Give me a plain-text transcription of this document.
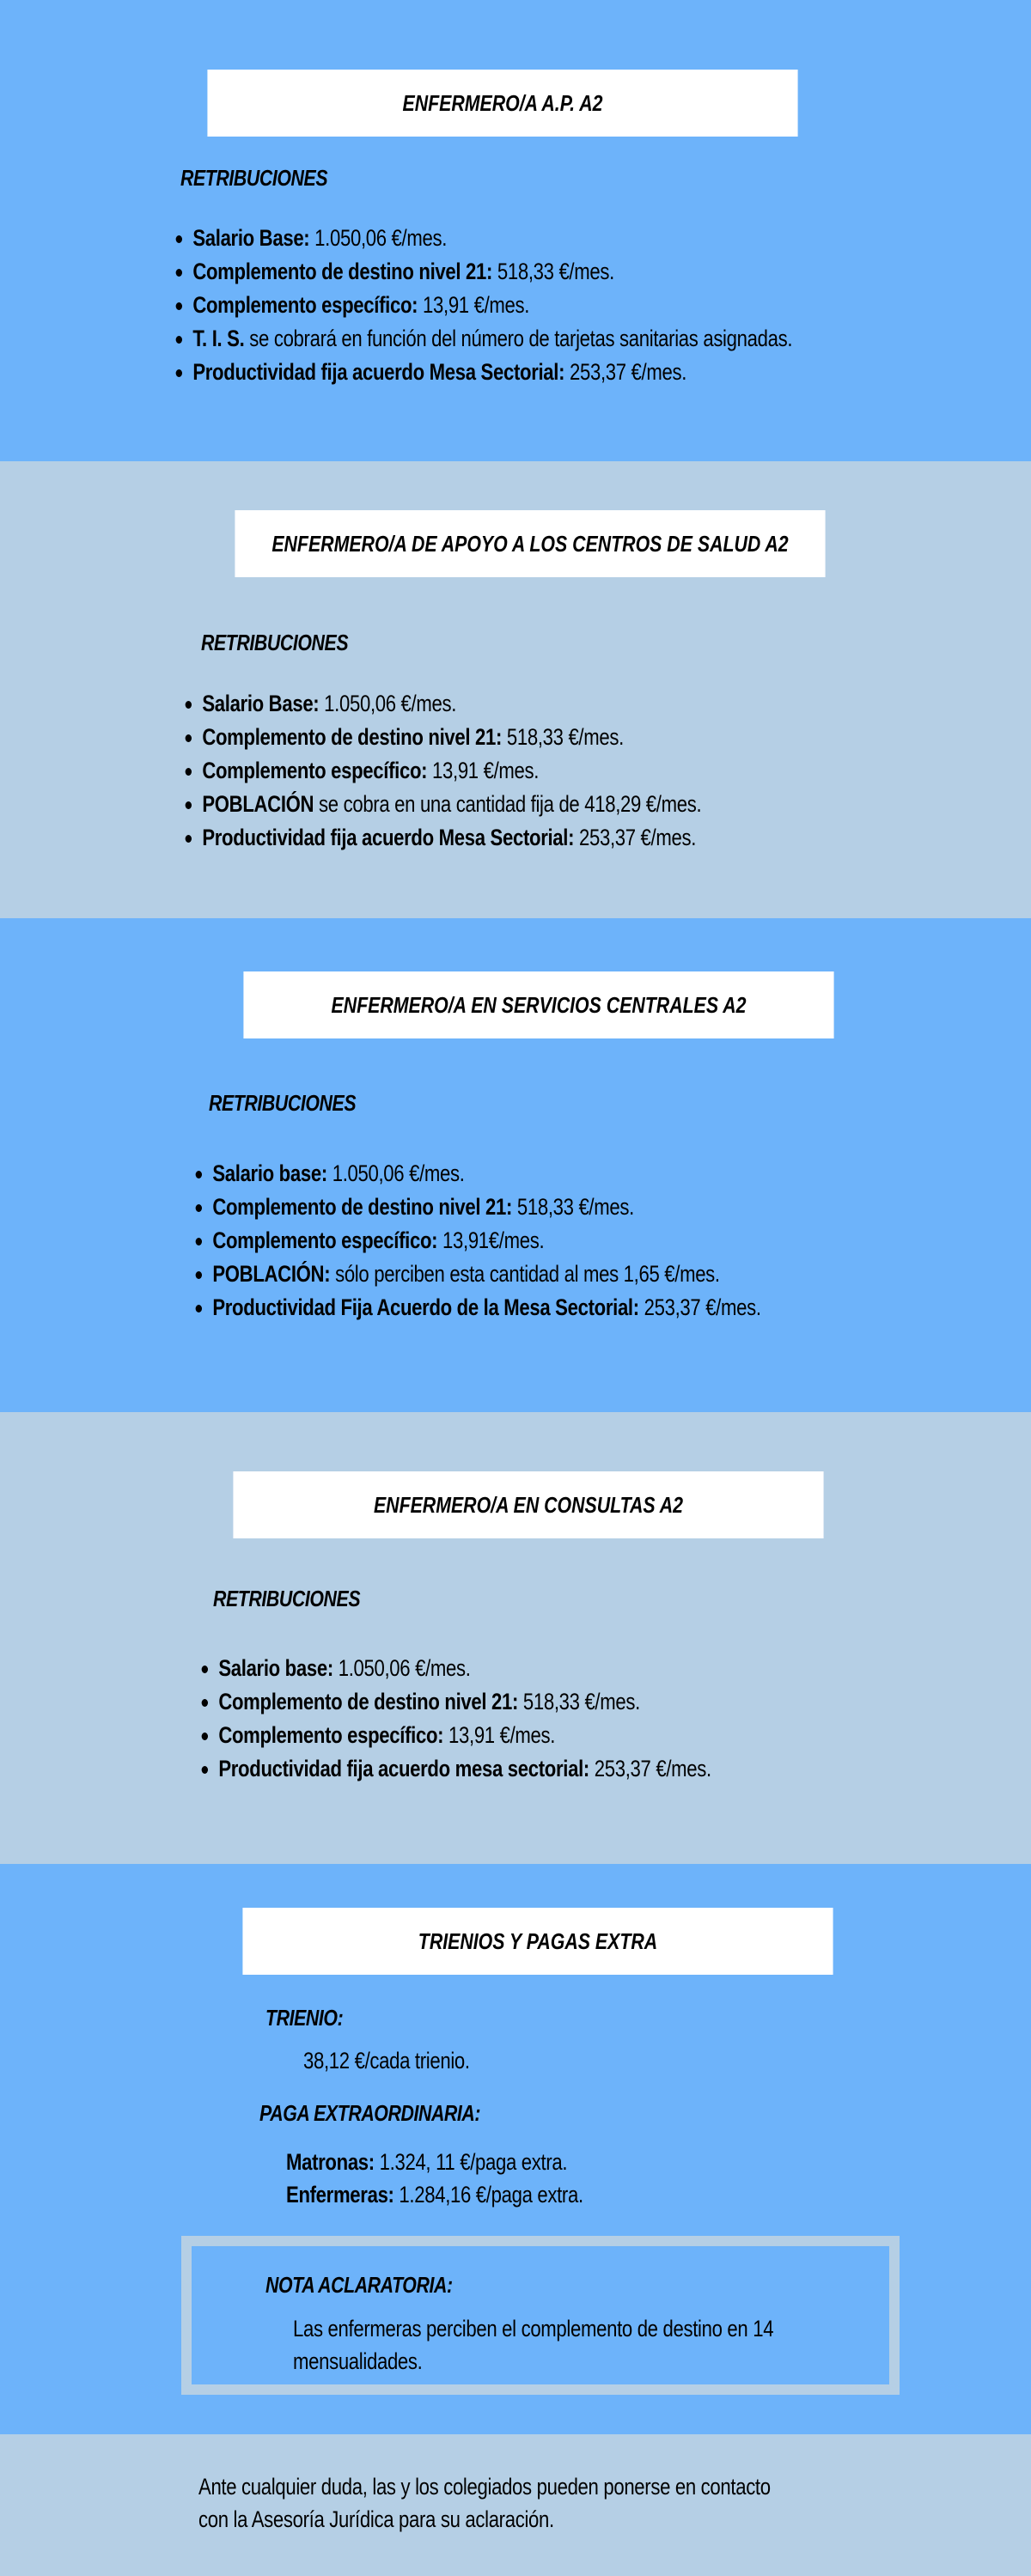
ENFERMERO/A A.P. A2
RETRIBUCIONES
Salario Base: 1.050,06 €/mes.
Complemento de destino nivel 21: 518,33 €/mes.
Complemento específico: 13,91 €/mes.
T. I. S. se cobrará en función del número de tarjetas sanitarias asignadas.
Productividad fija acuerdo Mesa Sectorial: 253,37 €/mes.
ENFERMERO/A DE APOYO A LOS CENTROS DE SALUD A2
RETRIBUCIONES
Salario Base: 1.050,06 €/mes.
Complemento de destino nivel 21: 518,33 €/mes.
Complemento específico: 13,91 €/mes.
POBLACIÓN se cobra en una cantidad fija de 418,29 €/mes.
Productividad fija acuerdo Mesa Sectorial: 253,37 €/mes.
ENFERMERO/A EN SERVICIOS CENTRALES A2
RETRIBUCIONES
Salario base: 1.050,06 €/mes.
Complemento de destino nivel 21: 518,33 €/mes.
Complemento específico: 13,91€/mes.
POBLACIÓN: sólo perciben esta cantidad al mes 1,65 €/mes.
Productividad Fija Acuerdo de la Mesa Sectorial: 253,37 €/mes.
ENFERMERO/A EN CONSULTAS A2
RETRIBUCIONES
Salario base: 1.050,06 €/mes.
Complemento de destino nivel 21: 518,33 €/mes.
Complemento específico: 13,91 €/mes.
Productividad fija acuerdo mesa sectorial: 253,37 €/mes.
TRIENIOS Y PAGAS EXTRA
TRIENIO:
38,12 €/cada trienio.
PAGA EXTRAORDINARIA:
Matronas: 1.324, 11 €/paga extra.
Enfermeras: 1.284,16 €/paga extra.
NOTA ACLARATORIA:
Las enfermeras perciben el complemento de destino en 14
mensualidades.
Ante cualquier duda, las y los colegiados pueden ponerse en contacto
con la Asesoría Jurídica para su aclaración.
